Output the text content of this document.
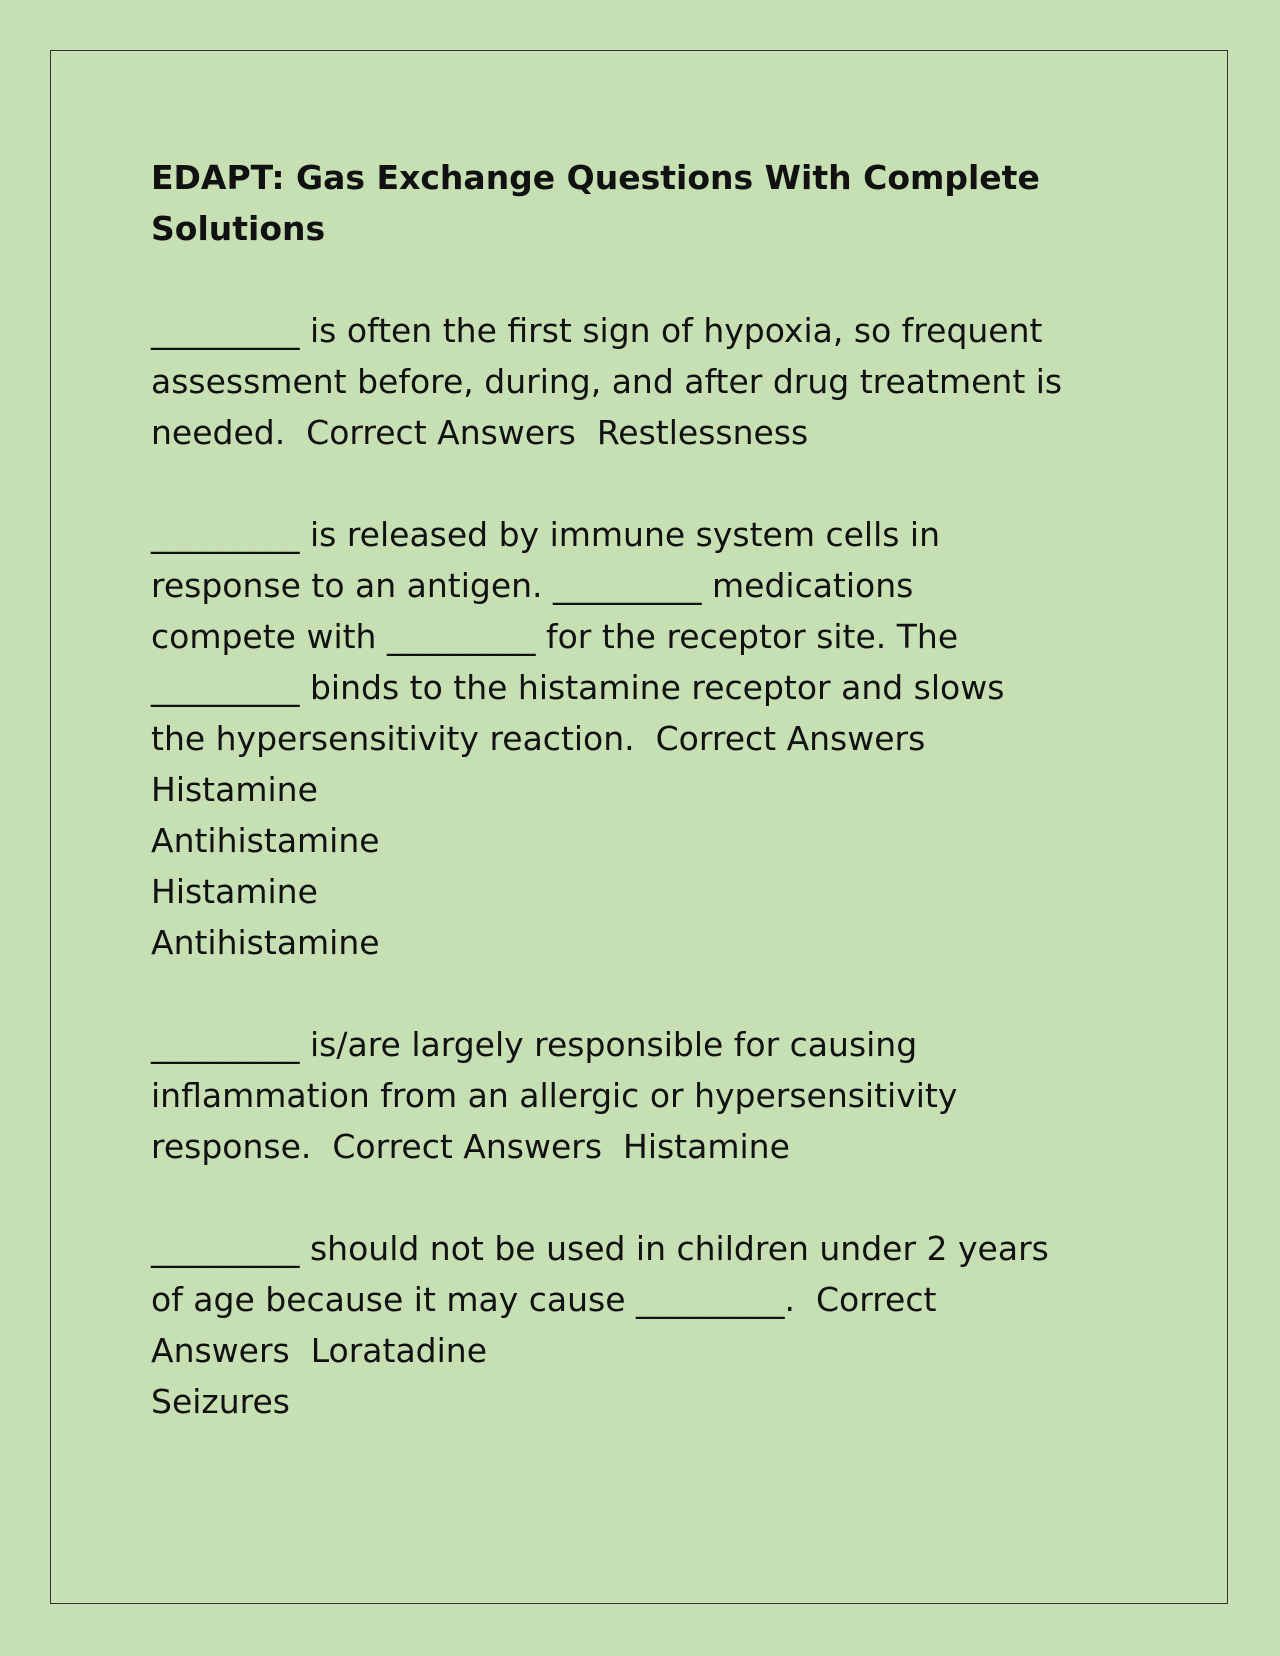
EDAPT: Gas Exchange Questions With Complete
Solutions
_________ is often the first sign of hypoxia, so frequent
assessment before, during, and after drug treatment is
needed.  Correct Answers  Restlessness
_________ is released by immune system cells in
response to an antigen. _________ medications
compete with _________ for the receptor site. The
_________ binds to the histamine receptor and slows
the hypersensitivity reaction.  Correct Answers
Histamine
Antihistamine
Histamine
Antihistamine
_________ is/are largely responsible for causing
inflammation from an allergic or hypersensitivity
response.  Correct Answers  Histamine
_________ should not be used in children under 2 years
of age because it may cause _________.  Correct
Answers  Loratadine
Seizures
